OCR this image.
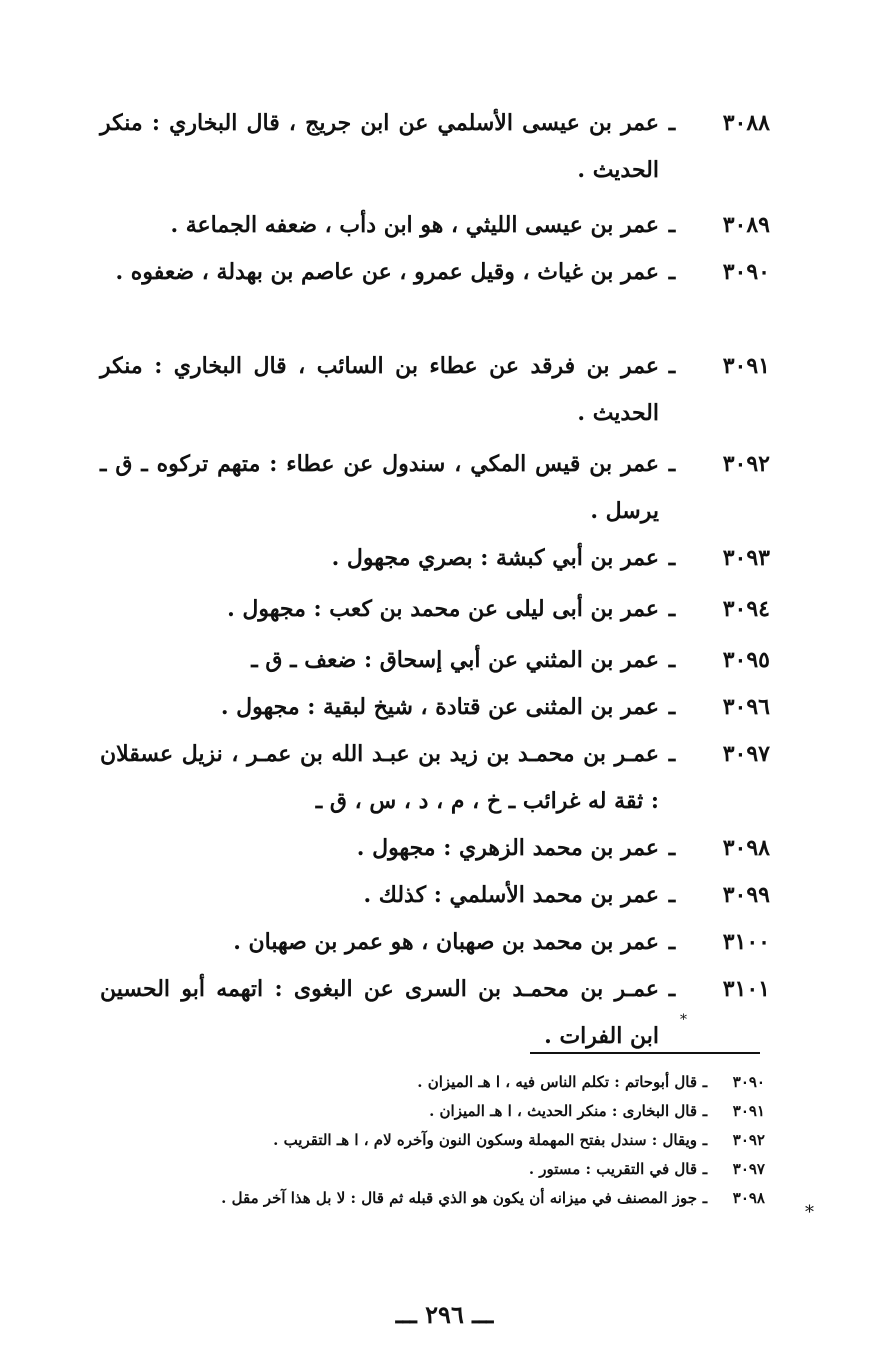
٣٠٨٨
ـ
عمر بن عيسى الأسلمي عن ابن جريج ، قال البخاري : منكر الحديث .
٣٠٨٩
ـ
عمر بن عيسى الليثي ، هو ابن دأب ، ضعفه الجماعة .
٣٠٩٠
ـ
عمر بن غياث ، وقيل عمرو ، عن عاصم بن بهدلة ، ضعفوه .
٣٠٩١
ـ
عمر بن فرقد عن عطاء بن السائب ، قال البخاري : منكر الحديث .
٣٠٩٢
ـ
عمر بن قيس المكي ، سندول عن عطاء : متهم تركوه ـ ق ـ يرسل .
٣٠٩٣
ـ
عمر بن أبي كبشة : بصري مجهول .
٣٠٩٤
ـ
عمر بن أبى ليلى عن محمد بن كعب : مجهول .
٣٠٩٥
ـ
عمر بن المثني عن أبي إسحاق : ضعف ـ ق ـ
٣٠٩٦
ـ
عمر بن المثنى عن قتادة ، شيخ لبقية : مجهول .
٣٠٩٧
ـ
عمـر بن محمـد بن زيد بن عبـد الله بن عمـر ، نزيل عسقلان : ثقة له غرائب ـ خ ، م ، د ، س ، ق ـ
٣٠٩٨
ـ
عمر بن محمد الزهري : مجهول .
٣٠٩٩
ـ
عمر بن محمد الأسلمي : كذلك .
٣١٠٠
ـ
عمر بن محمد بن صهبان ، هو عمر بن صهبان .
٣١٠١
ـ
عمـر بن محمـد بن السرى عن البغوى : اتهمه أبو الحسين ابن الفرات .
*
٣٠٩٠
ـ
قال أبوحاتم : تكلم الناس فيه ، ا هـ الميزان .
٣٠٩١
ـ
قال البخارى : منكر الحديث ، ا هـ الميزان .
٣٠٩٢
ـ
ويقال : سندل بفتح المهملة وسكون النون وآخره لام ، ا هـ التقريب .
٣٠٩٧
ـ
قال في التقريب : مستور .
٣٠٩٨
ـ
جوز المصنف في ميزانه أن يكون هو الذي قبله ثم قال : لا بل هذا آخر مقل .
*
ـــ ٢٩٦ ـــ
